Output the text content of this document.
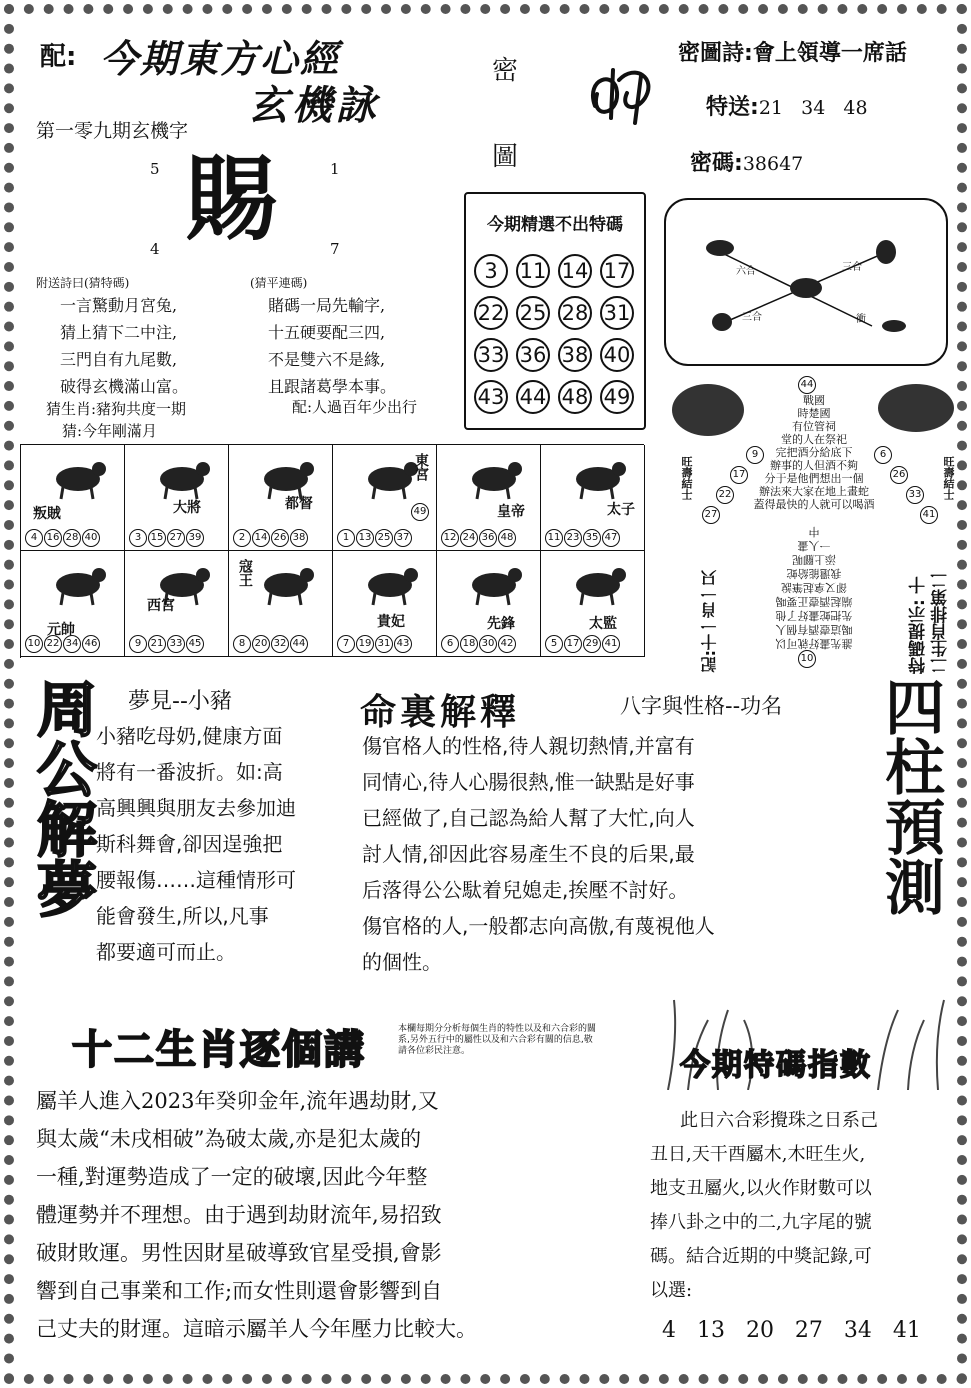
配: 今期東方心經
玄機詠
密
圖
密圖詩:會上領導一席話
特送:21   34   48
密碼:38647
第一零九期玄機字
5	1
4	7
賜
附送詩曰(猜特碼)	(猜平連碼)
一言驚動月宮兔,
猜上猜下二中注,
三門自有九尾數,
破得玄機滿山富。
賭碼一局先輸字,
十五硬要配三四,
不是雙六不是緣,
且跟諸葛學本事。
猜生肖:豬狗共度一期	配:人過百年少出行
猜:今年剛滿月
今期精選不出特碼
3	11 14 17
22 25 28 31
33 36 38 40
43 44 48 49
六合	三合
三合	衝
叛賊
4 16 28 40
大將
3 15 27 39
都督
2 14 26 38
東宮
49
1 13 25 37
皇帝
12 24 36 48
太子
11 23 35 47
元帥
10 22 34 46
西宮
9 21 33 45
寇王
8 20 32 44
貴妃
7 19 31 43
先鋒
6 18 30 42
太監
5 17 29 41
44
戰國
時楚國
有位管祠
堂的人在祭祀
完把酒分給底下
辦事的人但酒不夠
分于是他們想出一個
辦法來大家在地上畫蛇
蓋得最快的人就可以喝酒
誰先畫好就可以
喝這壺酒有個人
先把蛇畫好了他
端起酒壺正要喝
卻又拿起筆說
我還能給蛇
添上腳呢
一人畫
中
10
旺壽結士
9
17
22
27
旺壽結士
6
26
33
41
記:十一肖一只	特碼提示: 十二生肖排第二
周公解夢 夢見--小豬
小豬吃母奶,健康方面
將有一番波折。如:高
高興興與朋友去參加迪
斯科舞會,卻因逞強把
腰報傷……這種情形可
能會發生,所以,凡事
都要適可而止。
命裏解釋	八字與性格--功名
傷官格人的性格,待人親切熱情,并富有
同情心,待人心腸很熱,惟一缺點是好事
已經做了,自己認為給人幫了大忙,向人
討人情,卻因此容易產生不良的后果,最
后落得公公駄着兒媳走,挨壓不討好。
傷官格的人,一般都志向高傲,有蔑視他人
的個性。
四柱預測
十二生肖逐個講	本欄每期分分析每個生肖的特性以及和六合彩的關系,另外五行中的屬性以及和六合彩有關的信息,敬請各位彩民注意。
屬羊人進入2023年癸卯金年,流年遇劫財,又
與太歲“未戌相破”為破太歲,亦是犯太歲的
一種,對運勢造成了一定的破壞,因此今年整
體運勢并不理想。由于遇到劫財流年,易招致
破財敗運。男性因財星破導致官星受損,會影
響到自己事業和工作;而女性則還會影響到自
己丈夫的財運。這暗示屬羊人今年壓力比較大。
今期特碼指數
此日六合彩攪珠之日系己
丑日,天干酉屬木,木旺生火,
地支丑屬火,以火作財數可以
捧八卦之中的二,九字尾的號
碼。結合近期的中獎記錄,可
以選:
4   13   20   27   34   41
